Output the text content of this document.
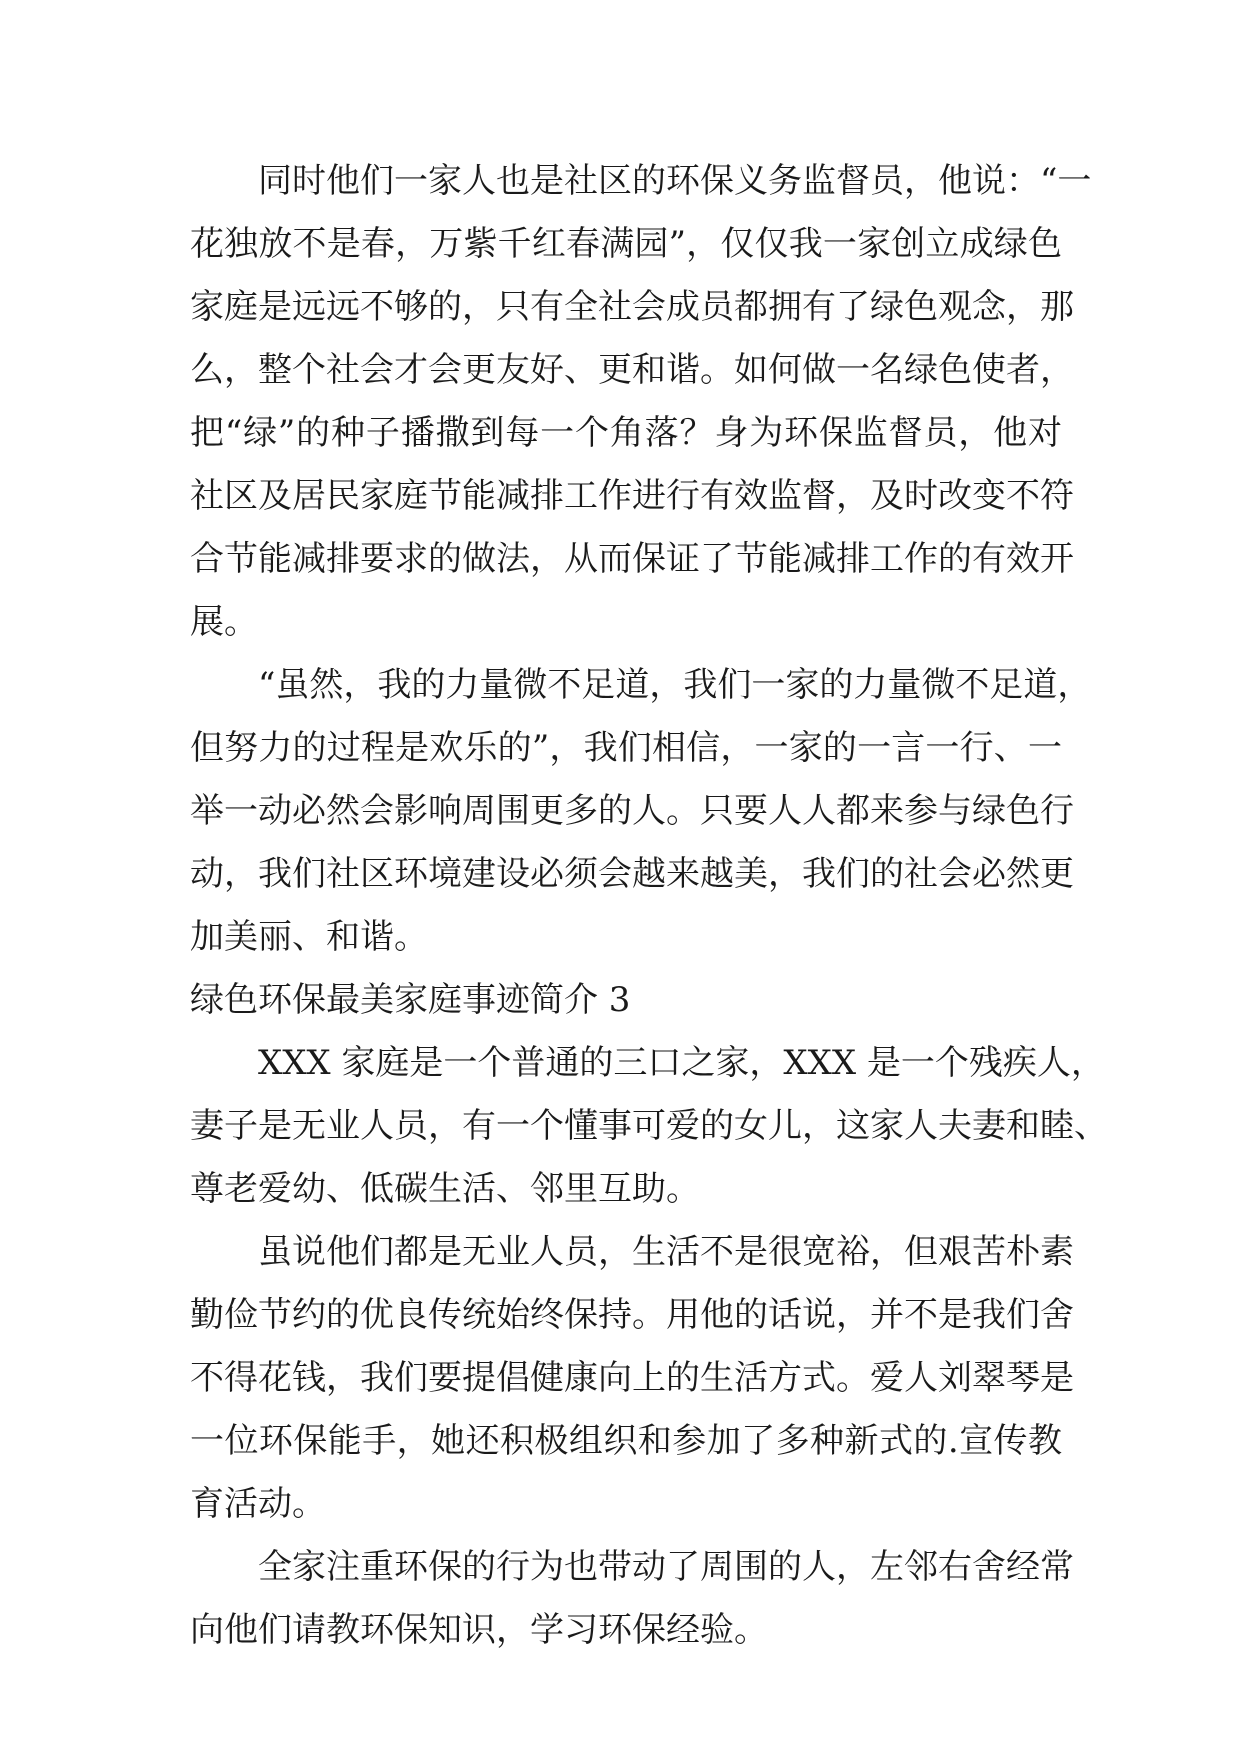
同时他们一家人也是社区的环保义务监督员，他说：“一
花独放不是春，万紫千红春满园”，仅仅我一家创立成绿色
家庭是远远不够的，只有全社会成员都拥有了绿色观念，那
么，整个社会才会更友好、更和谐。如何做一名绿色使者，
把“绿”的种子播撒到每一个角落？身为环保监督员，他对
社区及居民家庭节能减排工作进行有效监督，及时改变不符
合节能减排要求的做法，从而保证了节能减排工作的有效开
展。
“虽然，我的力量微不足道，我们一家的力量微不足道，
但努力的过程是欢乐的”，我们相信，一家的一言一行、一
举一动必然会影响周围更多的人。只要人人都来参与绿色行
动，我们社区环境建设必须会越来越美，我们的社会必然更
加美丽、和谐。
绿色环保最美家庭事迹简介 3
XXX 家庭是一个普通的三口之家，XXX 是一个残疾人，
妻子是无业人员，有一个懂事可爱的女儿，这家人夫妻和睦、
尊老爱幼、低碳生活、邻里互助。
虽说他们都是无业人员，生活不是很宽裕，但艰苦朴素
勤俭节约的优良传统始终保持。用他的话说，并不是我们舍
不得花钱，我们要提倡健康向上的生活方式。爱人刘翠琴是
一位环保能手，她还积极组织和参加了多种新式的.宣传教
育活动。
全家注重环保的行为也带动了周围的人，左邻右舍经常
向他们请教环保知识，学习环保经验。
